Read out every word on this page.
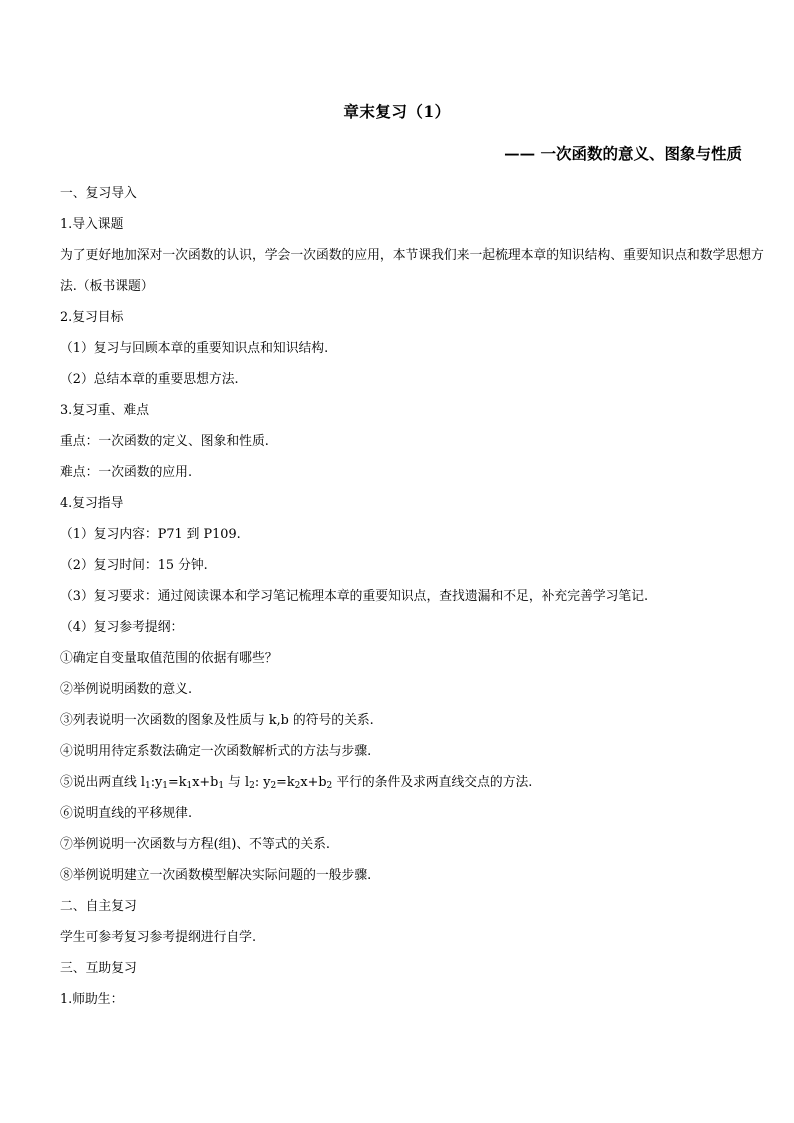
章末复习（1）
—— 一次函数的意义、图象与性质
一、复习导入
1.导入课题
为了更好地加深对一次函数的认识，学会一次函数的应用，本节课我们来一起梳理本章的知识结构、重要知识点和数学思想方法.（板书课题）
2.复习目标
（1）复习与回顾本章的重要知识点和知识结构.
（2）总结本章的重要思想方法.
3.复习重、难点
重点：一次函数的定义、图象和性质.
难点：一次函数的应用.
4.复习指导
（1）复习内容：P71 到 P109.
（2）复习时间：15 分钟.
（3）复习要求：通过阅读课本和学习笔记梳理本章的重要知识点，查找遗漏和不足，补充完善学习笔记.
（4）复习参考提纲：
①确定自变量取值范围的依据有哪些？
②举例说明函数的意义.
③列表说明一次函数的图象及性质与 k,b 的符号的关系.
④说明用待定系数法确定一次函数解析式的方法与步骤.
⑤说出两直线 $l_1:y_1=k_1x+b_1$ 与 $l_2$: $y_2=k_2x+b_2$ 平行的条件及求两直线交点的方法.
⑥说明直线的平移规律.
⑦举例说明一次函数与方程(组)、不等式的关系.
⑧举例说明建立一次函数模型解决实际问题的一般步骤.
二、自主复习
学生可参考复习参考提纲进行自学.
三、互助复习
1.师助生：
